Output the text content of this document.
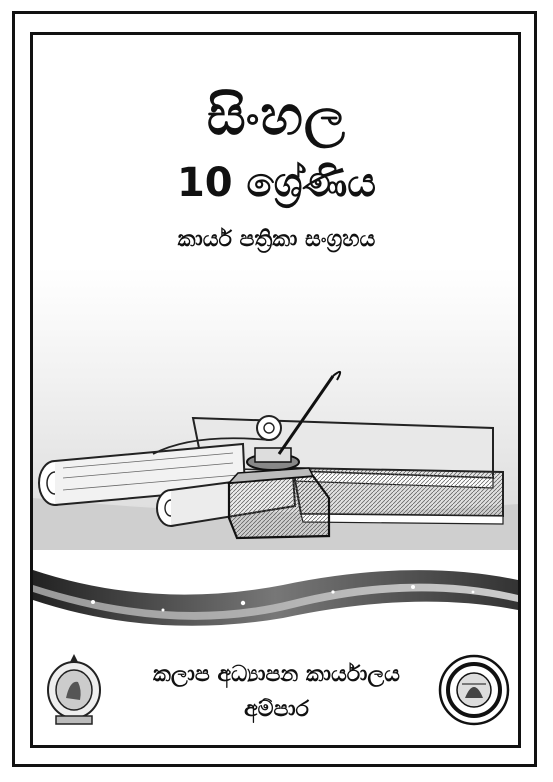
සිංහල
10 ශ්‍රේණිය
කාර්ය පත්‍රිකා සංග්‍රහය
කලාප අධ්‍යාපන කාර්යාලය
අම්පාර
